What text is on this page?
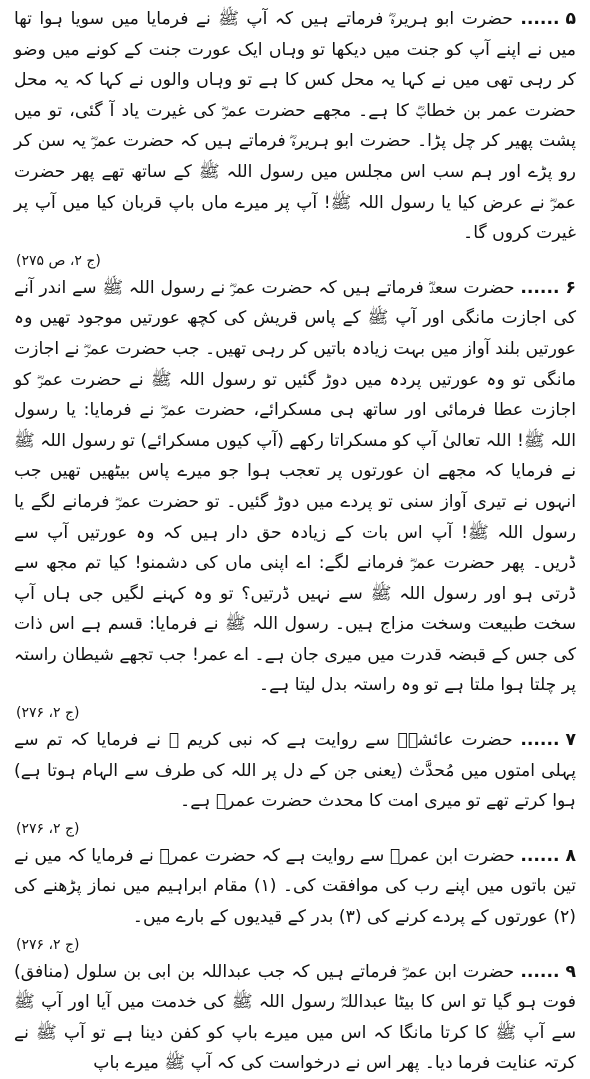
۵ ...... حضرت ابو ہریرہؓ فرماتے ہیں کہ آپ ﷺ نے فرمایا میں سویا ہوا تھا میں نے اپنے آپ کو جنت میں دیکھا تو وہاں ایک عورت جنت کے کونے میں وضو کر رہی تھی میں نے کہا یہ محل کس کا ہے تو وہاں والوں نے کہا کہ یہ محل حضرت عمر بن خطابؓ کا ہے۔ مجھے حضرت عمرؓ کی غیرت یاد آ گئی، تو میں پشت پھیر کر چل پڑا۔ حضرت ابو ہریرہؓ فرماتے ہیں کہ حضرت عمرؓ یہ سن کر رو پڑے اور ہم سب اس مجلس میں رسول اللہ ﷺ کے ساتھ تھے پھر حضرت عمرؓ نے عرض کیا یا رسول اللہ ﷺ! آپ پر میرے ماں باپ قربان کیا میں آپ پر غیرت کروں گا۔

(ج ۲، ص ۲۷۵)

۶ ...... حضرت سعدؓ فرماتے ہیں کہ حضرت عمرؓ نے رسول اللہ ﷺ سے اندر آنے کی اجازت مانگی اور آپ ﷺ کے پاس قریش کی کچھ عورتیں موجود تھیں وہ عورتیں بلند آواز میں بہت زیادہ باتیں کر رہی تھیں۔ جب حضرت عمرؓ نے اجازت مانگی تو وہ عورتیں پردہ میں دوڑ گئیں تو رسول اللہ ﷺ نے حضرت عمرؓ کو اجازت عطا فرمائی اور ساتھ ہی مسکرائے، حضرت عمرؓ نے فرمایا: یا رسول اللہ ﷺ! اللہ تعالیٰ آپ کو مسکراتا رکھے (آپ کیوں مسکرائے) تو رسول اللہ ﷺ نے فرمایا کہ مجھے ان عورتوں پر تعجب ہوا جو میرے پاس بیٹھیں تھیں جب انہوں نے تیری آواز سنی تو پردے میں دوڑ گئیں۔ تو حضرت عمرؓ فرمانے لگے یا رسول اللہ ﷺ! آپ اس بات کے زیادہ حق دار ہیں کہ وہ عورتیں آپ سے ڈریں۔ پھر حضرت عمرؓ فرمانے لگے: اے اپنی ماں کی دشمنو! کیا تم مجھ سے ڈرتی ہو اور رسول اللہ ﷺ سے نہیں ڈرتیں؟ تو وہ کہنے لگیں جی ہاں آپ سخت طبیعت وسخت مزاج ہیں۔ رسول اللہ ﷺ نے فرمایا: قسم ہے اس ذات کی جس کے قبضہ قدرت میں میری جان ہے۔ اے عمر! جب تجھے شیطان راستہ پر چلتا ہوا ملتا ہے تو وہ راستہ بدل لیتا ہے۔

(ج ۲، ۲۷۶)

۷ ...... حضرت عائشہؓ سے روایت ہے کہ نبی کریم ﷺ نے فرمایا کہ تم سے پہلی امتوں میں مُحدَّث (یعنی جن کے دل پر اللہ کی طرف سے الہام ہوتا ہے) ہوا کرتے تھے تو میری امت کا محدث حضرت عمرؓ ہے۔

(ج ۲، ۲۷۶)

۸ ...... حضرت ابن عمرؓ سے روایت ہے کہ حضرت عمرؓ نے فرمایا کہ میں نے تین باتوں میں اپنے رب کی موافقت کی۔ (۱) مقام ابراہیم میں نماز پڑھنے کی (۲) عورتوں کے پردے کرنے کی (۳) بدر کے قیدیوں کے بارے میں۔

(ج ۲، ۲۷۶)

۹ ...... حضرت ابن عمرؓ فرماتے ہیں کہ جب عبداللہ بن ابی بن سلول (منافق) فوت ہو گیا تو اس کا بیٹا عبداللہؓ رسول اللہ ﷺ کی خدمت میں آیا اور آپ ﷺ سے آپ ﷺ کا کرتا مانگا کہ اس میں میرے باپ کو کفن دینا ہے تو آپ ﷺ نے کرتہ عنایت فرما دیا۔ پھر اس نے درخواست کی کہ آپ ﷺ میرے باپ
